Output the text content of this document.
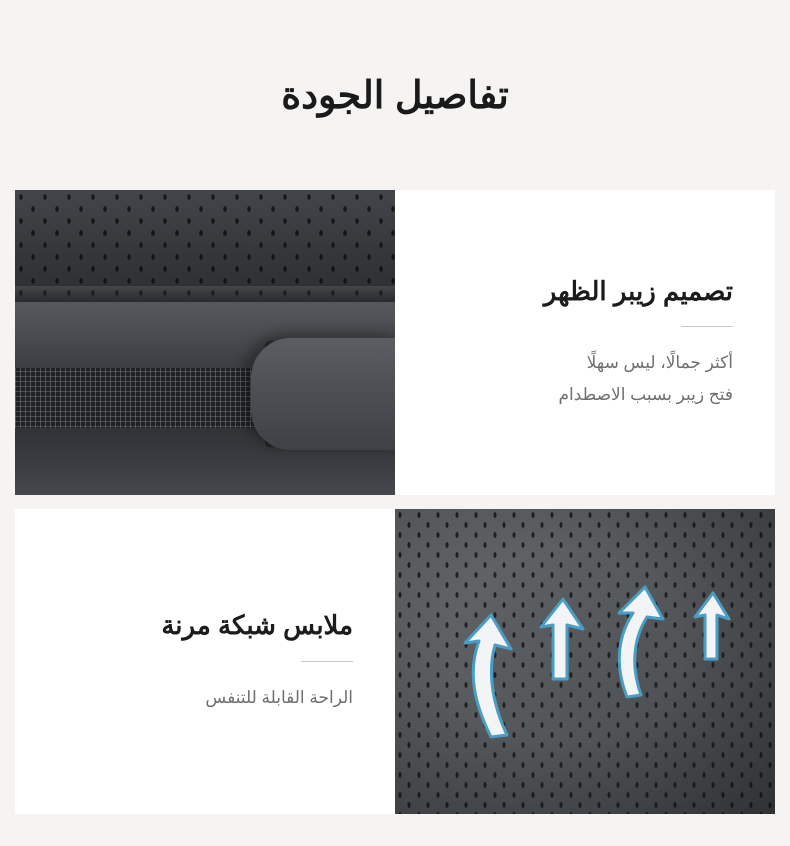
تفاصيل الجودة
تصميم زيبر الظهر
أكثر جمالًا، ليس سهلًا
فتح زيبر بسبب الاصطدام
ملابس شبكة مرنة
الراحة القابلة للتنفس
